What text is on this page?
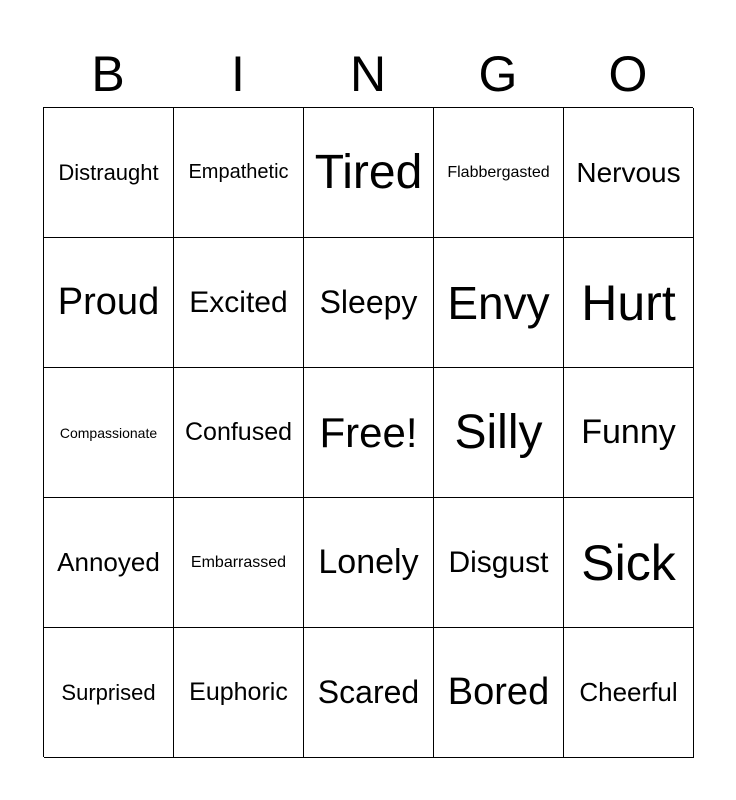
B	I	N	G	O
Distraught Empathetic Tired Flabbergasted Nervous
Proud Excited Sleepy Envy Hurt
Compassionate Confused Free! Silly Funny
Annoyed Embarrassed Lonely Disgust Sick
Surprised Euphoric Scared Bored Cheerful
